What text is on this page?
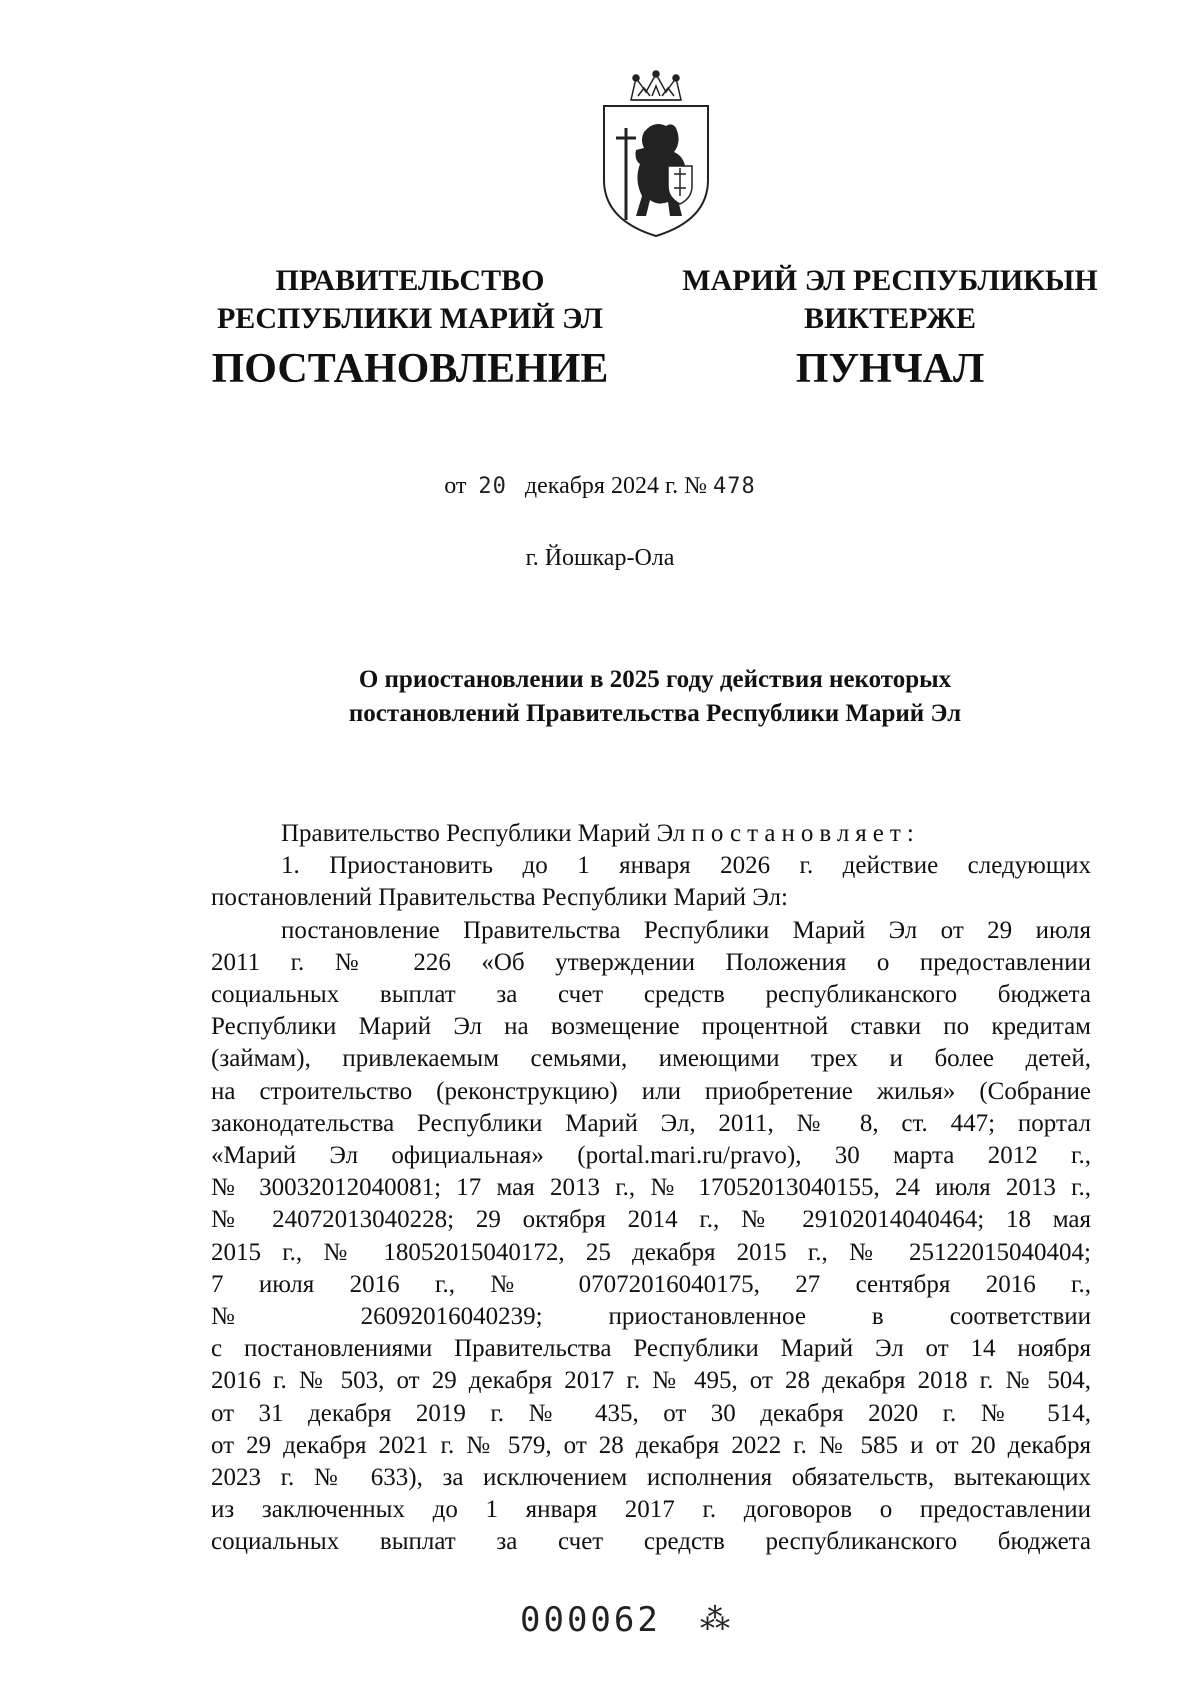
ПРАВИТЕЛЬСТВО
РЕСПУБЛИКИ МАРИЙ ЭЛ
МАРИЙ ЭЛ РЕСПУБЛИКЫН
ВИКТЕРЖЕ
ПОСТАНОВЛЕНИЕ	ПУНЧАЛ
от 20 декабря 2024 г. № 478
г. Йошкар-Ола
О приостановлении в 2025 году действия некоторых
постановлений Правительства Республики Марий Эл

Правительство Республики Марий Эл постановляет:

1. Приостановить до 1 января 2026 г. действие следующих

постановлений Правительства Республики Марий Эл:

постановление Правительства Республики Марий Эл от 29 июля

2011 г. № 226 «Об утверждении Положения о предоставлении

социальных выплат за счет средств республиканского бюджета

Республики Марий Эл на возмещение процентной ставки по кредитам

(займам), привлекаемым семьями, имеющими трех и более детей,

на строительство (реконструкцию) или приобретение жилья» (Собрание

законодательства Республики Марий Эл, 2011, № 8, ст. 447; портал

«Марий Эл официальная» (portal.mari.ru/pravo), 30 марта 2012 г.,

№ 30032012040081; 17 мая 2013 г., № 17052013040155, 24 июля 2013 г.,

№ 24072013040228; 29 октября 2014 г., № 29102014040464; 18 мая

2015 г., № 18052015040172, 25 декабря 2015 г., № 25122015040404;

7 июля 2016 г., № 07072016040175, 27 сентября 2016 г.,

№ 26092016040239; приостановленное в соответствии

с постановлениями Правительства Республики Марий Эл от 14 ноября

2016 г. № 503, от 29 декабря 2017 г. № 495, от 28 декабря 2018 г. № 504,

от 31 декабря 2019 г. № 435, от 30 декабря 2020 г. № 514,

от 29 декабря 2021 г. № 579, от 28 декабря 2022 г. № 585 и от 20 декабря

2023 г. № 633), за исключением исполнения обязательств, вытекающих

из заключенных до 1 января 2017 г. договоров о предоставлении

социальных выплат за счет средств республиканского бюджета

000062 ⁂
